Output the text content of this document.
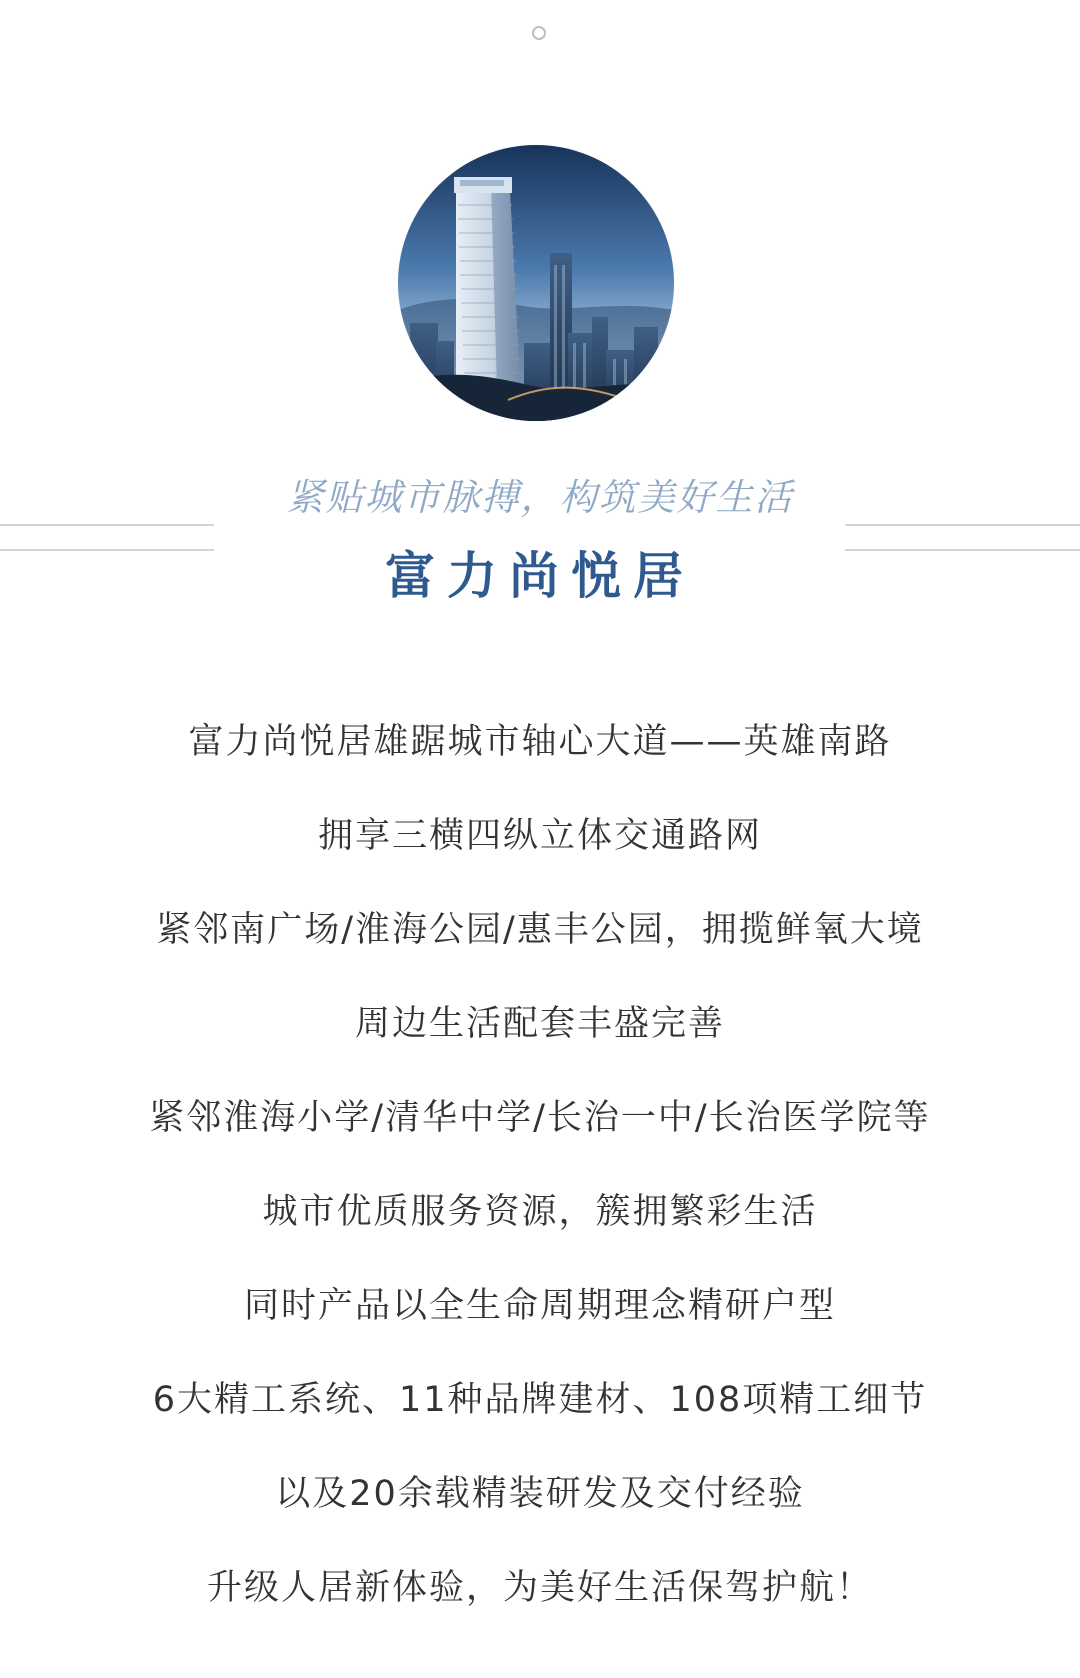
紧贴城市脉搏，构筑美好生活
富力尚悦居
富力尚悦居雄踞城市轴心大道——英雄南路
拥享三横四纵立体交通路网
紧邻南广场/淮海公园/惠丰公园，拥揽鲜氧大境
周边生活配套丰盛完善
紧邻淮海小学/清华中学/长治一中/长治医学院等
城市优质服务资源，簇拥繁彩生活
同时产品以全生命周期理念精研户型
6大精工系统、11种品牌建材、108项精工细节
以及20余载精装研发及交付经验
升级人居新体验，为美好生活保驾护航！
